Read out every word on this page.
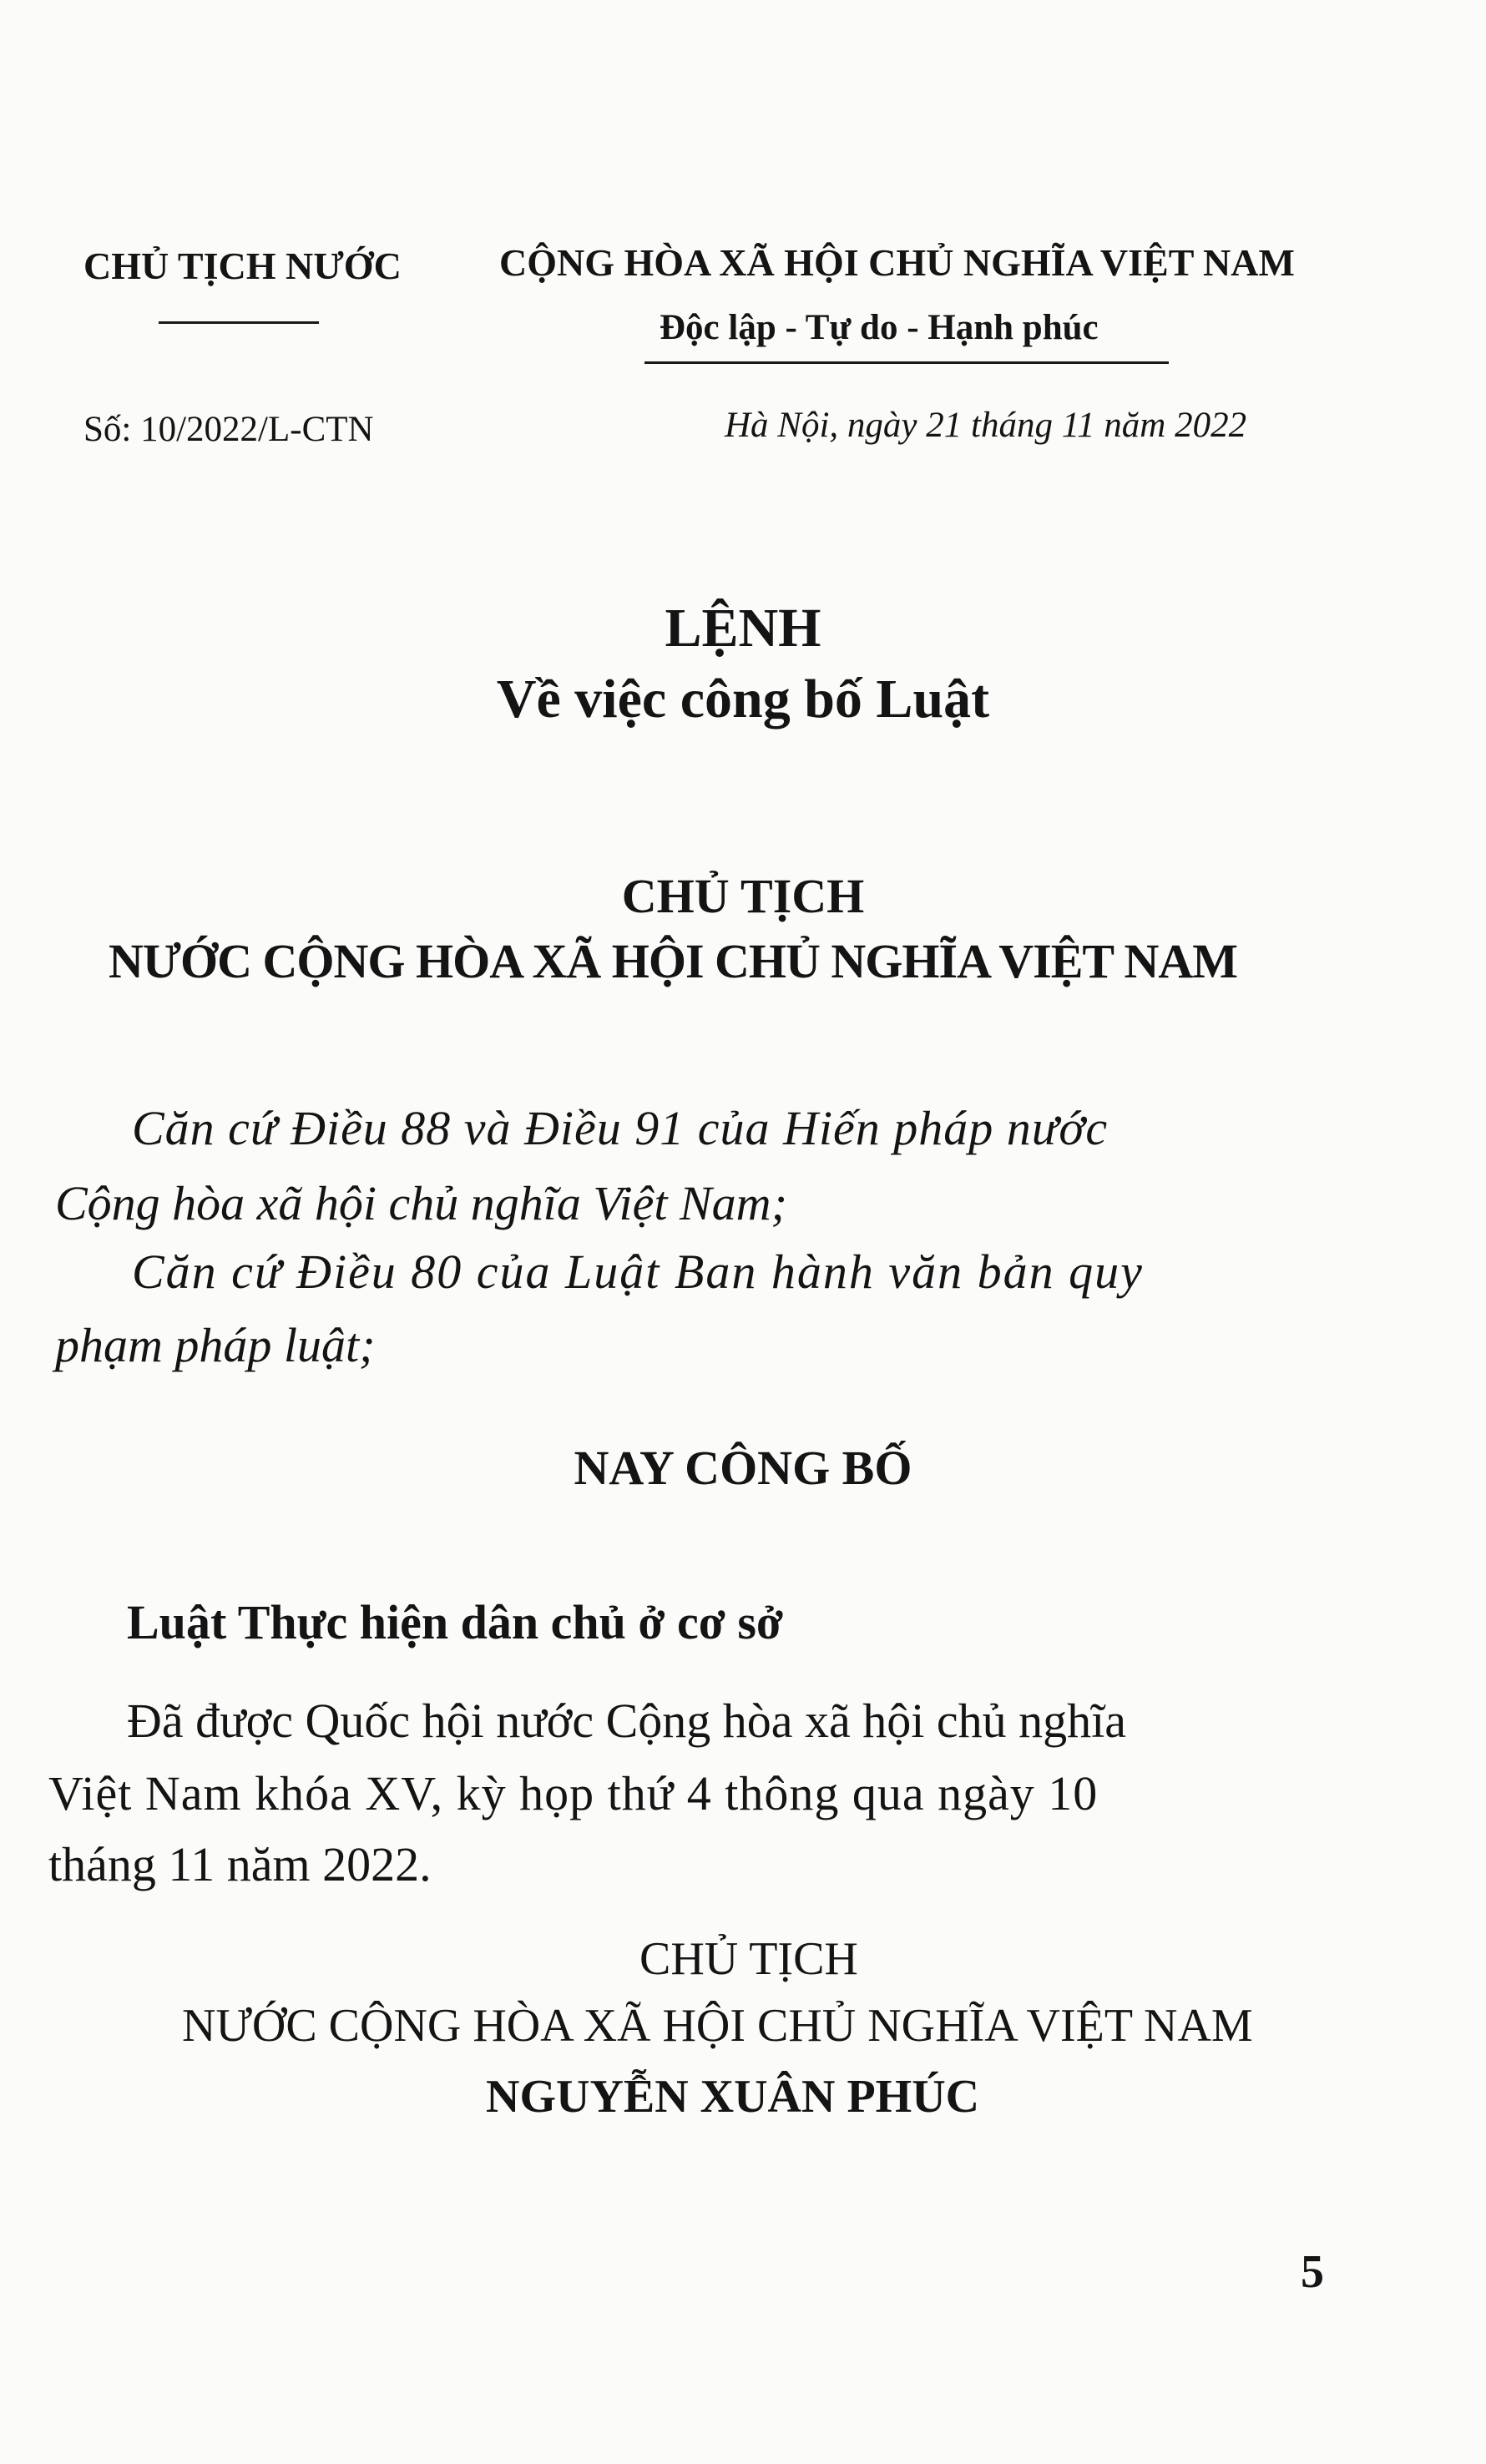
CHỦ TỊCH NƯỚC	CỘNG HÒA XÃ HỘI CHỦ NGHĨA VIỆT NAM
Độc lập - Tự do - Hạnh phúc
Số: 10/2022/L-CTN	Hà Nội, ngày 21 tháng 11 năm 2022
LỆNH
Về việc công bố Luật
CHỦ TỊCH
NƯỚC CỘNG HÒA XÃ HỘI CHỦ NGHĨA VIỆT NAM
Căn cứ Điều 88 và Điều 91 của Hiến pháp nước
Cộng hòa xã hội chủ nghĩa Việt Nam;
Căn cứ Điều 80 của Luật Ban hành văn bản quy
phạm pháp luật;
NAY CÔNG BỐ
Luật Thực hiện dân chủ ở cơ sở
Đã được Quốc hội nước Cộng hòa xã hội chủ nghĩa
Việt Nam khóa XV, kỳ họp thứ 4 thông qua ngày 10
tháng 11 năm 2022.
CHỦ TỊCH
NƯỚC CỘNG HÒA XÃ HỘI CHỦ NGHĨA VIỆT NAM
NGUYỄN XUÂN PHÚC
5
